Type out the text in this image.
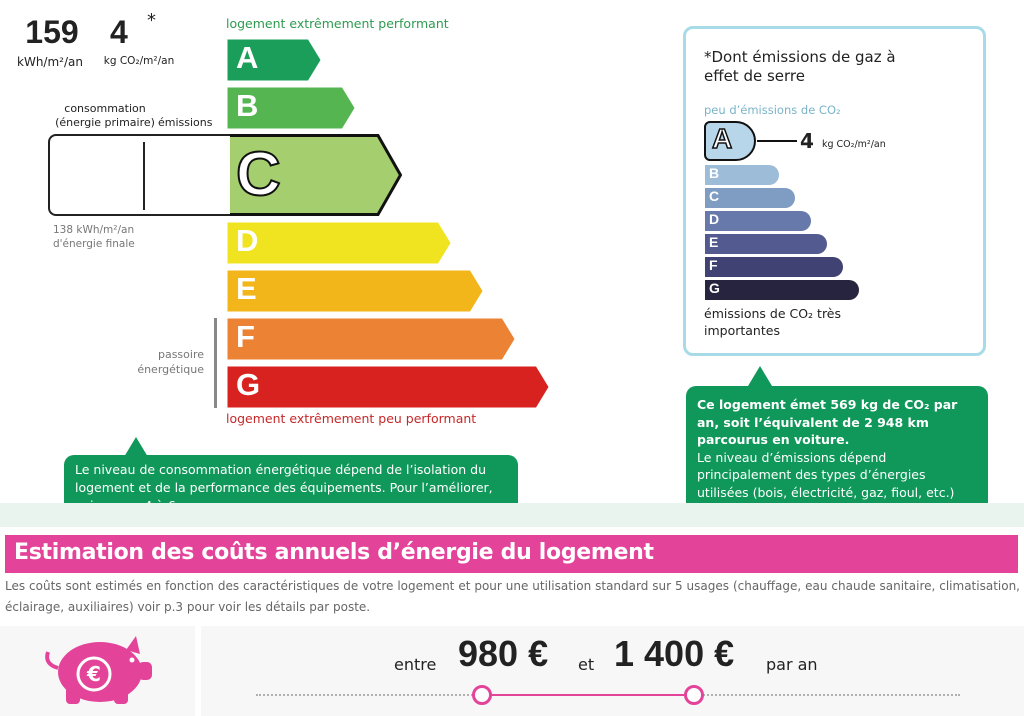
logement extrêmement performant
A
B
D
E
F
G
C
logement extrêmement peu performant
consommation (énergie primaire) émissions
159
kWh/m²/an
4 *
kg CO₂/m²/an
138 kWh/m²/an d'énergie finale
passoire énergétique
Le niveau de consommation énergétique dépend de l’isolation du logement et de la performance des équipements. Pour l’améliorer,
*Dont émissions de gaz à effet de serre
peu d’émissions de CO₂
A	4 kg CO₂/m²/an
B
C
D
E
F
G
émissions de CO₂ très importantes
Ce logement émet 569 kg de CO₂ par an, soit l’équivalent de 2 948 km parcourus en voiture.
Le niveau d’émissions dépend principalement des types d’énergies utilisées (bois, électricité, gaz, fioul, etc.)
Estimation des coûts annuels d’énergie du logement
Les coûts sont estimés en fonction des caractéristiques de votre logement et pour une utilisation standard sur 5 usages (chauffage, eau chaude sanitaire, climatisation, éclairage, auxiliaires) voir p.3 pour voir les détails par poste.
€	entre 980 € et 1 400 € par an
